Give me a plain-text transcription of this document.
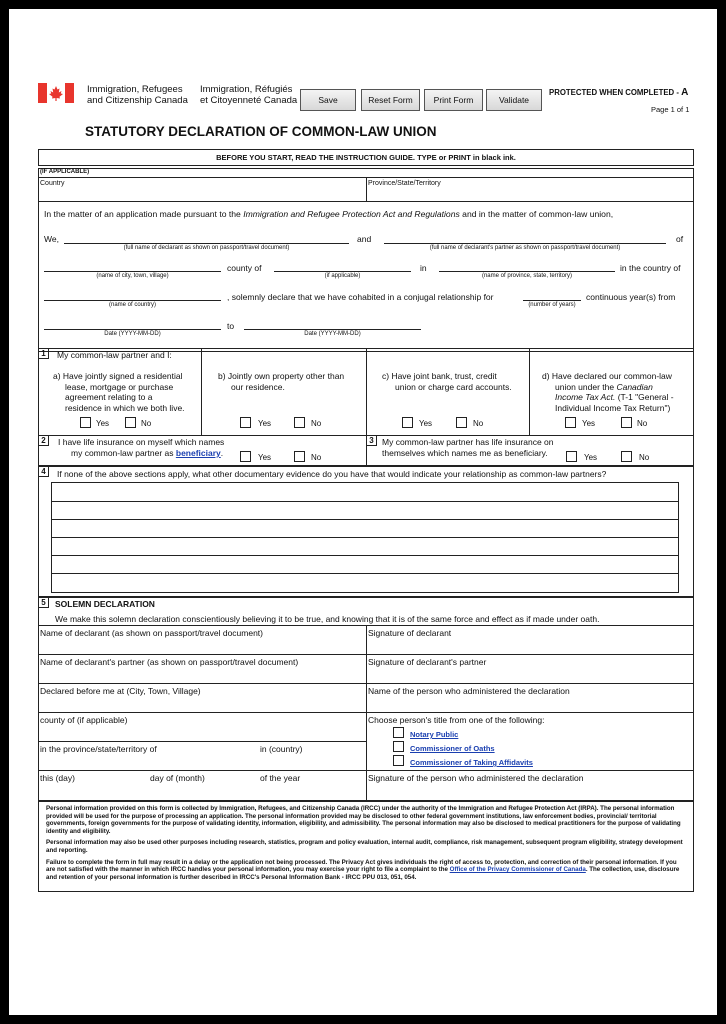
Immigration, Refugees
and Citizenship Canada
Immigration, Réfugiés
et Citoyenneté Canada	Save	Reset Form	Print Form	Validate
PROTECTED WHEN COMPLETED - A
Page 1 of 1
STATUTORY DECLARATION OF COMMON-LAW UNION
BEFORE YOU START, READ THE INSTRUCTION GUIDE. TYPE or PRINT in black ink.
(IF APPLICABLE)
Country	Province/State/Territory
In the matter of an application made pursuant to the Immigration and Refugee Protection Act and Regulations and in the matter of common-law union,
We,	and	of
(full name of declarant as shown on passport/travel document)	(full name of declarant's partner as shown on passport/travel document)
county of	in	in the country of
(name of city, town, village)	(if applicable)	(name of province, state, territory)
, solemnly declare that we have cohabited in a conjugal relationship for	continuous year(s) from
(name of country)	(number of years)
to
Date (YYYY-MM-DD)	Date (YYYY-MM-DD)
1	My common-law partner and I:
a) Have jointly signed a residential
lease, mortgage or purchase
agreement relating to a
residence in which we both live.
b) Jointly own property other than
our residence.
c) Have joint bank, trust, credit
union or charge card accounts.
d) Have declared our common-law
union under the Canadian
Income Tax Act. (T-1 "General -
Individual Income Tax Return")
Yes	No	Yes	No	Yes	No	Yes	No
2	I have life insurance on myself which names
my common-law partner as beneficiary.	Yes	No
3 My common-law partner has life insurance on
themselves which names me as beneficiary.	Yes	No
4	If none of the above sections apply, what other documentary evidence do you have that would indicate your relationship as common-law partners?
5	SOLEMN DECLARATION
We make this solemn declaration conscientiously believing it to be true, and knowing that it is of the same force and effect as if made under oath.
Name of declarant (as shown on passport/travel document)	Signature of declarant
Name of declarant's partner (as shown on passport/travel document)	Signature of declarant's partner
Declared before me at (City, Town, Village)	Name of the person who administered the declaration
county of (if applicable)	Choose person's title from one of the following:
Notary Public
Commissioner of Oaths
Commissioner of Taking Affidavits
in the province/state/territory of	in (country)
this (day)	day of (month)	of the year	Signature of the person who administered the declaration
Personal information provided on this form is collected by Immigration, Refugees, and Citizenship Canada (IRCC) under the authority of the Immigration and Refugee Protection Act (IRPA). The personal information provided will be used for the purpose of processing an application. The personal information provided may be disclosed to other federal government institutions, law enforcement bodies, provincial/ territorial governments, foreign governments for the purpose of validating identity, information, eligibility, and admissibility. The personal information may also be disclosed to medical practitioners for the purpose of validating identity and eligibility.
Personal information may also be used other purposes including research, statistics, program and policy evaluation, internal audit, compliance, risk management, subsequent program eligibility, strategy development and reporting.
Failure to complete the form in full may result in a delay or the application not being processed. The Privacy Act gives individuals the right of access to, protection, and correction of their personal information. If you are not satisfied with the manner in which IRCC handles your personal information, you may exercise your right to file a complaint to the Office of the Privacy Commissioner of Canada. The collection, use, disclosure and retention of your personal information is further described in IRCC's Personal Information Bank - IRCC PPU 013, 051, 054.
